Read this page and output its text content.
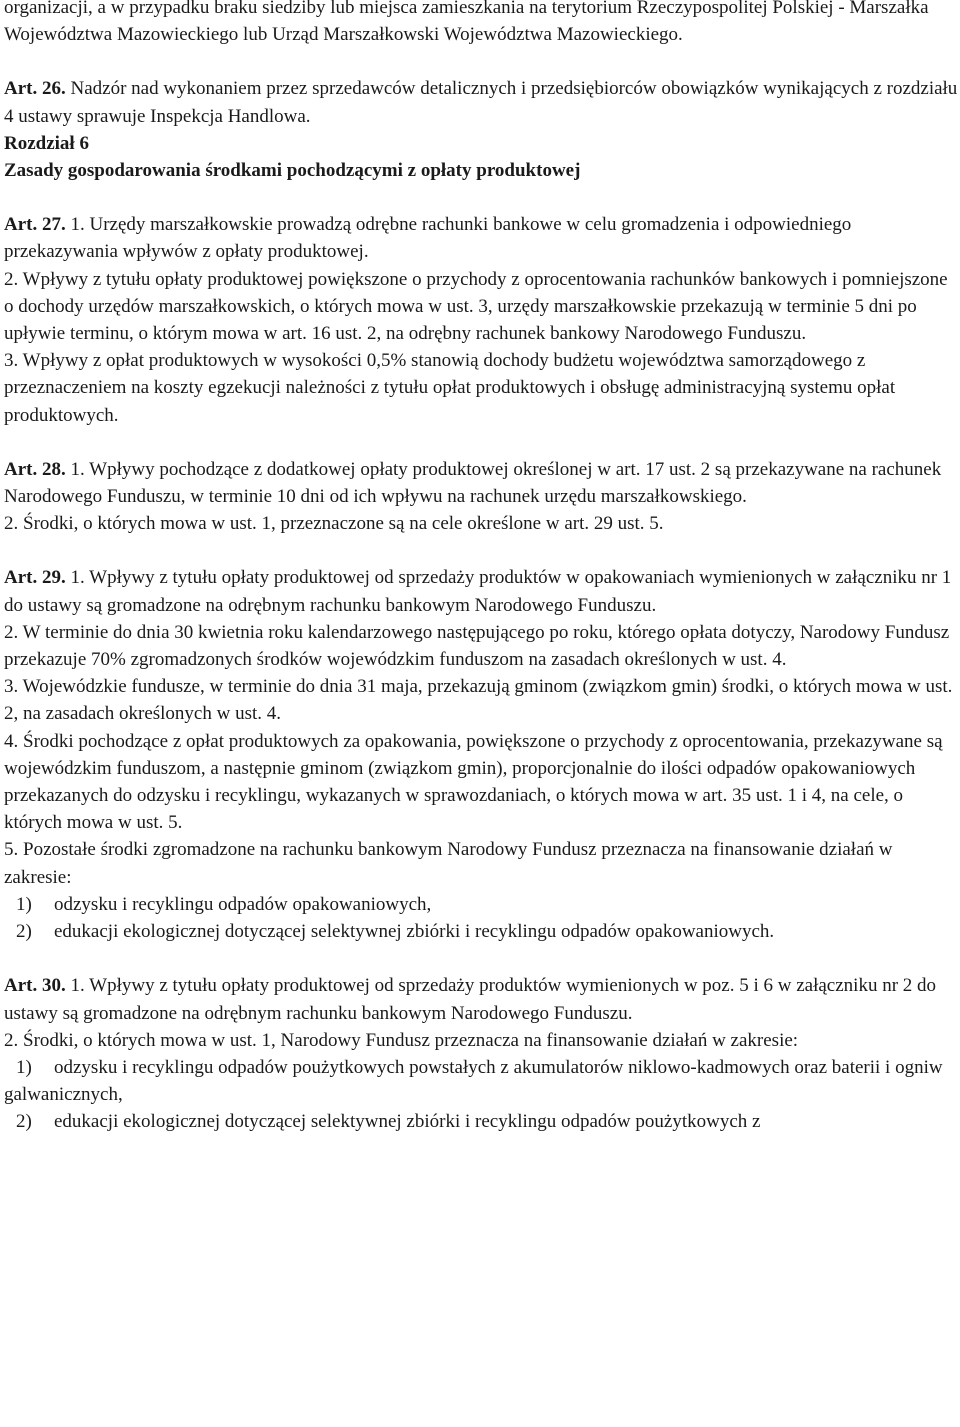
organizacji, a w przypadku braku siedziby lub miejsca zamieszkania na terytorium Rzeczypospolitej Polskiej - Marszałka Województwa Mazowieckiego lub Urząd Marszałkowski Województwa Mazowieckiego.

Art. 26. Nadzór nad wykonaniem przez sprzedawców detalicznych i przedsiębiorców obowiązków wynikających z rozdziału 4 ustawy sprawuje Inspekcja Handlowa.

Rozdział 6

Zasady gospodarowania środkami pochodzącymi z opłaty produktowej

Art. 27. 1. Urzędy marszałkowskie prowadzą odrębne rachunki bankowe w celu gromadzenia i odpowiedniego przekazywania wpływów z opłaty produktowej.

2. Wpływy z tytułu opłaty produktowej powiększone o przychody z oprocentowania rachunków bankowych i pomniejszone o dochody urzędów marszałkowskich, o których mowa w ust. 3, urzędy marszałkowskie przekazują w terminie 5 dni po upływie terminu, o którym mowa w art. 16 ust. 2, na odrębny rachunek bankowy Narodowego Funduszu.

3. Wpływy z opłat produktowych w wysokości 0,5% stanowią dochody budżetu województwa samorządowego z przeznaczeniem na koszty egzekucji należności z tytułu opłat produktowych i obsługę administracyjną systemu opłat produktowych.

Art. 28. 1. Wpływy pochodzące z dodatkowej opłaty produktowej określonej w art. 17 ust. 2 są przekazywane na rachunek Narodowego Funduszu, w terminie 10 dni od ich wpływu na rachunek urzędu marszałkowskiego.

2. Środki, o których mowa w ust. 1, przeznaczone są na cele określone w art. 29 ust. 5.

Art. 29. 1. Wpływy z tytułu opłaty produktowej od sprzedaży produktów w opakowaniach wymienionych w załączniku nr 1 do ustawy są gromadzone na odrębnym rachunku bankowym Narodowego Funduszu.

2. W terminie do dnia 30 kwietnia roku kalendarzowego następującego po roku, którego opłata dotyczy, Narodowy Fundusz przekazuje 70% zgromadzonych środków wojewódzkim funduszom na zasadach określonych w ust. 4.

3. Wojewódzkie fundusze, w terminie do dnia 31 maja, przekazują gminom (związkom gmin) środki, o których mowa w ust. 2, na zasadach określonych w ust. 4.

4. Środki pochodzące z opłat produktowych za opakowania, powiększone o przychody z oprocentowania, przekazywane są wojewódzkim funduszom, a następnie gminom (związkom gmin), proporcjonalnie do ilości odpadów opakowaniowych przekazanych do odzysku i recyklingu, wykazanych w sprawozdaniach, o których mowa w art. 35 ust. 1 i 4, na cele, o których mowa w ust. 5.

5. Pozostałe środki zgromadzone na rachunku bankowym Narodowy Fundusz przeznacza na finansowanie działań w zakresie:

1)	odzysku i recyklingu odpadów opakowaniowych,
2)	edukacji ekologicznej dotyczącej selektywnej zbiórki i recyklingu odpadów opakowaniowych.

Art. 30. 1. Wpływy z tytułu opłaty produktowej od sprzedaży produktów wymienionych w poz. 5 i 6 w załączniku nr 2 do ustawy są gromadzone na odrębnym rachunku bankowym Narodowego Funduszu.

2. Środki, o których mowa w ust. 1, Narodowy Fundusz przeznacza na finansowanie działań w zakresie:

1) odzysku i recyklingu odpadów poużytkowych powstałych z akumulatorów niklowo-kadmowych oraz baterii i ogniw galwanicznych,
2)	edukacji ekologicznej dotyczącej selektywnej zbiórki i recyklingu odpadów poużytkowych z
